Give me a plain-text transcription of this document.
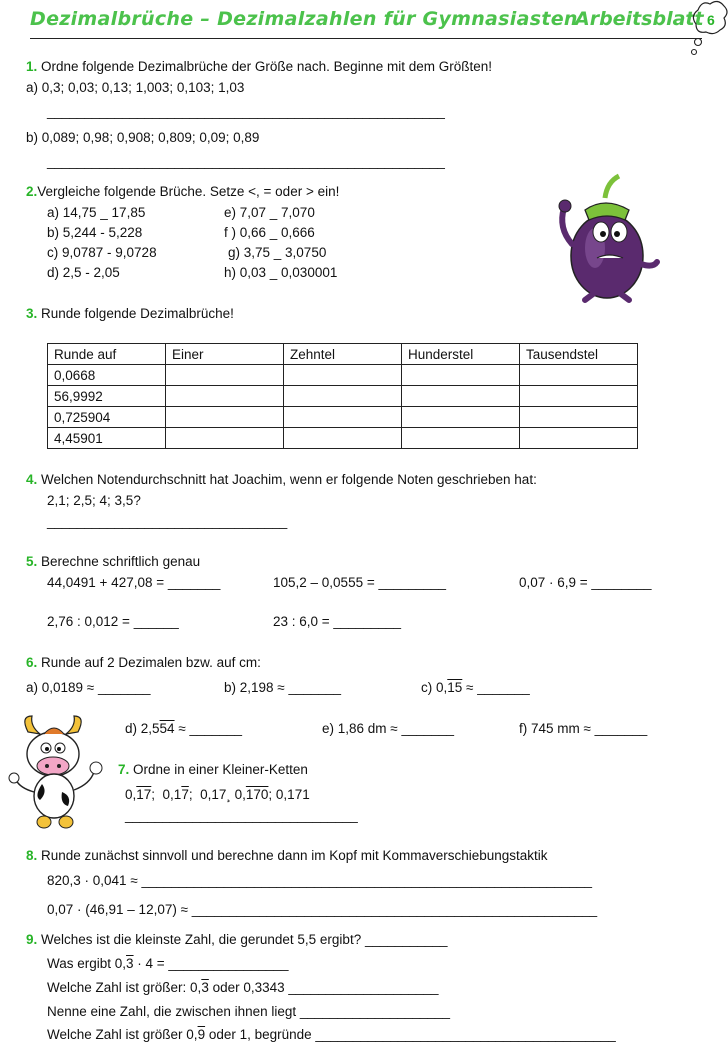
Dezimalbrüche – Dezimalzahlen für Gymnasiasten
Arbeitsblatt 6
1. Ordne folgende Dezimalbrüche der Größe nach. Beginne mit dem Größten!
a) 0,3; 0,03; 0,13; 1,003; 0,103; 1,03
_____________________________________________________
b) 0,089; 0,98; 0,908; 0,809; 0,09; 0,89
_____________________________________________________
2.Vergleiche folgende Brüche. Setze <, = oder > ein!
a) 14,75 _ 17,85
b) 5,244 - 5,228
c) 9,0787 - 9,0728
d) 2,5 - 2,05
e) 7,07 _ 7,070
f ) 0,66 _ 0,666
g) 3,75 _ 3,0750
h) 0,03 _ 0,030001
3. Runde folgende Dezimalbrüche!
Runde auf	Einer	Zehntel	Hunderstel	Tausendstel
0,0668				
56,9992				
0,725904				
4,45901				
4. Welchen Notendurchschnitt hat Joachim, wenn er folgende Noten geschrieben hat:
2,1; 2,5; 4; 3,5?
________________________________
5. Berechne schriftlich genau
44,0491 + 427,08 = _______	105,2 – 0,0555 = _________	0,07 · 6,9 = ________
2,76 : 0,012 = ______	23 : 6,0 = _________
6. Runde auf 2 Dezimalen bzw. auf cm:
a) 0,0189 ≈ _______	b) 2,198 ≈ _______	c) 0,15 ≈ _______
d) 2,554 ≈ _______	e) 1,86 dm ≈ _______	f) 745 mm ≈ _______
7. Ordne in einer Kleiner-Ketten
0,17;  0,17;  0,17¸ 0,170; 0,171
_______________________________
8. Runde zunächst sinnvoll und berechne dann im Kopf mit Kommaverschiebungstaktik
820,3 · 0,041 ≈ ____________________________________________________________
0,07 · (46,91 – 12,07) ≈ ______________________________________________________
9. Welches ist die kleinste Zahl, die gerundet 5,5 ergibt? ___________
Was ergibt 0,3 · 4 = ________________
Welche Zahl ist größer: 0,3 oder 0,3343 ____________________
Nenne eine Zahl, die zwischen ihnen liegt ____________________
Welche Zahl ist größer 0,9 oder 1, begründe ________________________________________
